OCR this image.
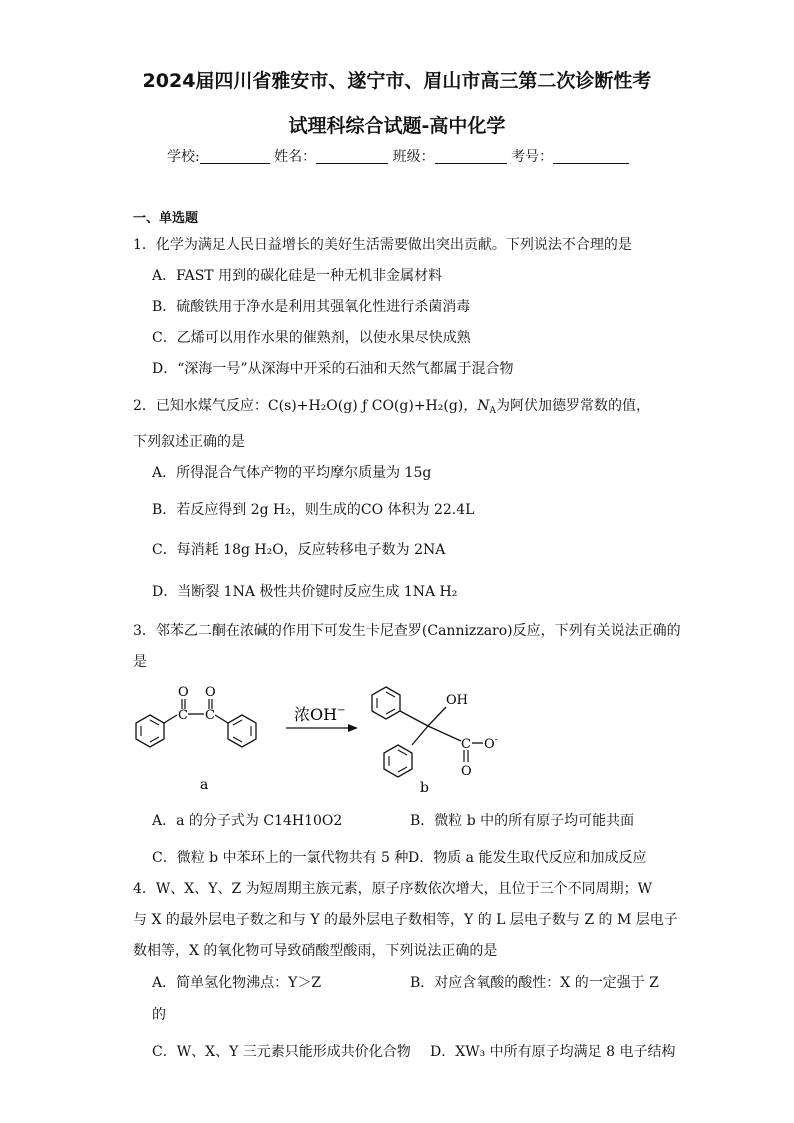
2024届四川省雅安市、遂宁市、眉山市高三第二次诊断性考
试理科综合试题-高中化学
学校:	姓名：	班级：	考号：
一、单选题
1．化学为满足人民日益增长的美好生活需要做出突出贡献。下列说法不合理的是
A．FAST 用到的碳化硅是一种无机非金属材料
B．硫酸铁用于净水是利用其强氧化性进行杀菌消毒
C．乙烯可以用作水果的催熟剂，以使水果尽快成熟
D．“深海一号”从深海中开采的石油和天然气都属于混合物
2．已知水煤气反应：C(s)+H₂O(g) ƒ CO(g)+H₂(g)，$N_A$为阿伏加德罗常数的值，
下列叙述正确的是
A．所得混合气体产物的平均摩尔质量为 15g
B．若反应得到 2g H₂，则生成的CO 体积为 22.4L
C．每消耗 18g H₂O，反应转移电子数为 2NA
D．当断裂 1NA 极性共价键时反应生成 1NA H₂
3．邻苯乙二酮在浓碱的作用下可发生卡尼查罗(Cannizzaro)反应，下列有关说法正确的
是
C
O
C
O
a
浓OH−
OH
C O-
O
b
A．a 的分子式为 C14H10O2	B．微粒 b 中的所有原子均可能共面
C．微粒 b 中苯环上的一氯代物共有 5 种 D．物质 a 能发生取代反应和加成反应
4．W、X、Y、Z 为短周期主族元素，原子序数依次增大，且位于三个不同周期；W
与 X 的最外层电子数之和与 Y 的最外层电子数相等，Y 的 L 层电子数与 Z 的 M 层电子
数相等，X 的氧化物可导致硝酸型酸雨，下列说法正确的是
A．简单氢化物沸点：Y＞Z	B．对应含氧酸的酸性：X 的一定强于 Z
的
C．W、X、Y 三元素只能形成共价化合物 D．XW₃ 中所有原子均满足 8 电子结构
